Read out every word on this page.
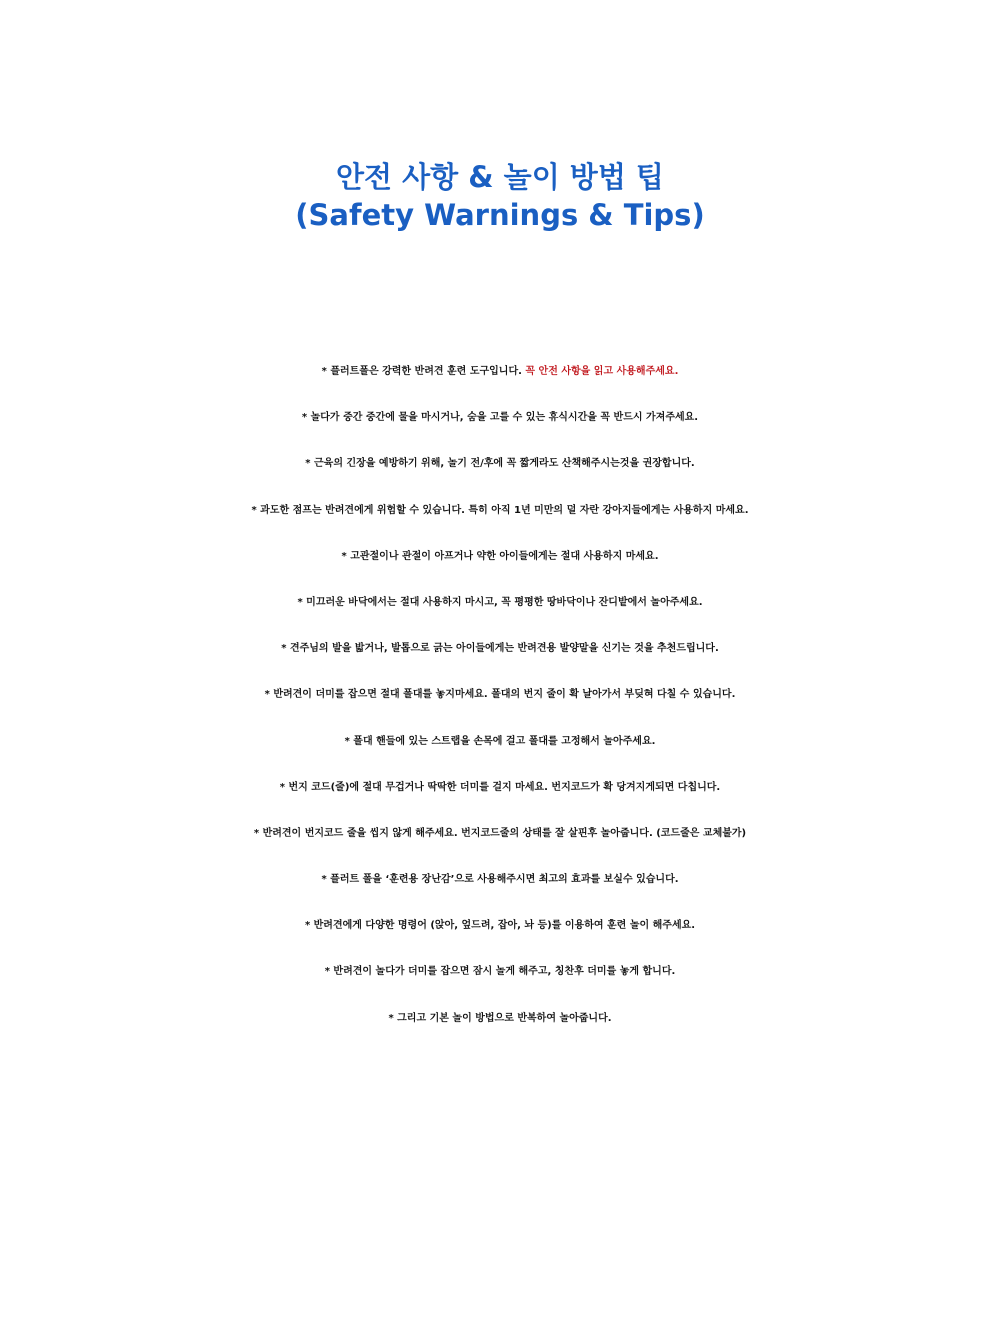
안전 사항 & 놀이 방법 팁
(Safety Warnings & Tips)
* 플러트폴은 강력한 반려견 훈련 도구입니다. 꼭 안전 사항을 읽고 사용해주세요.
* 놀다가 중간 중간에 물을 마시거나, 숨을 고를 수 있는 휴식시간을 꼭 반드시 가져주세요.
* 근육의 긴장을 예방하기 위해, 놀기 전/후에 꼭 짧게라도 산책해주시는것을 권장합니다.
* 과도한 점프는 반려견에게 위험할 수 있습니다. 특히 아직 1년 미만의 덜 자란 강아지들에게는 사용하지 마세요.
* 고관절이나 관절이 아프거나 약한 아이들에게는 절대 사용하지 마세요.
* 미끄러운 바닥에서는 절대 사용하지 마시고, 꼭 평평한 땅바닥이나 잔디밭에서 놀아주세요.
* 견주님의 발을 밟거나, 발톱으로 긁는 아이들에게는 반려견용 발양말을 신기는 것을 추천드립니다.
* 반려견이 더미를 잡으면 절대 폴대를 놓지마세요. 폴대의 번지 줄이 확 날아가서 부딪혀 다칠 수 있습니다.
* 폴대 핸들에 있는 스트랩을 손목에 걸고 폴대를 고정해서 놀아주세요.
* 번지 코드(줄)에 절대 무겁거나 딱딱한 더미를 걸지 마세요. 번지코드가 확 당겨지게되면 다칩니다.
* 반려견이 번지코드 줄을 씹지 않게 해주세요. 번지코드줄의 상태를 잘 살핀후 놀아줍니다. (코드줄은 교체불가)
* 플러트 폴을 ‘훈련용 장난감’으로 사용해주시면 최고의 효과를 보실수 있습니다.
* 반려견에게 다양한 명령어 (앉아, 엎드려, 잡아, 놔 등)를 이용하여 훈련 놀이 해주세요.
* 반려견이 놀다가 더미를 잡으면 잠시 놀게 해주고, 칭찬후 더미를 놓게 합니다.
* 그리고 기본 놀이 방법으로 반복하여 놀아줍니다.
